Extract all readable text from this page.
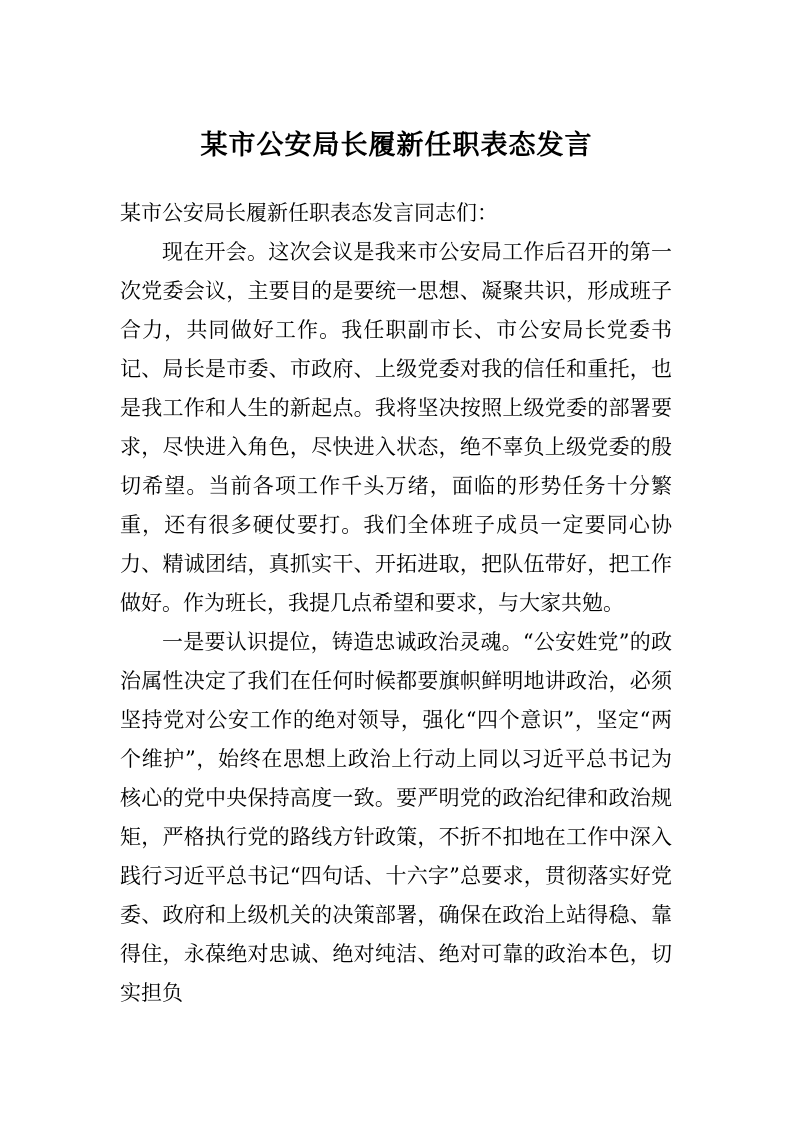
某市公安局长履新任职表态发言

某市公安局长履新任职表态发言同志们：

现在开会。这次会议是我来市公安局工作后召开的第一次党委会议，主要目的是要统一思想、凝聚共识，形成班子合力，共同做好工作。我任职副市长、市公安局长党委书记、局长是市委、市政府、上级党委对我的信任和重托，也是我工作和人生的新起点。我将坚决按照上级党委的部署要求，尽快进入角色，尽快进入状态，绝不辜负上级党委的殷切希望。当前各项工作千头万绪，面临的形势任务十分繁重，还有很多硬仗要打。我们全体班子成员一定要同心协力、精诚团结，真抓实干、开拓进取，把队伍带好，把工作做好。作为班长，我提几点希望和要求，与大家共勉。

一是要认识提位，铸造忠诚政治灵魂。“公安姓党”的政治属性决定了我们在任何时候都要旗帜鲜明地讲政治，必须坚持党对公安工作的绝对领导，强化“四个意识”，坚定“两个维护”，始终在思想上政治上行动上同以习近平总书记为核心的党中央保持高度一致。要严明党的政治纪律和政治规矩，严格执行党的路线方针政策，不折不扣地在工作中深入践行习近平总书记“四句话、十六字”总要求，贯彻落实好党委、政府和上级机关的决策部署，确保在政治上站得稳、靠得住，永葆绝对忠诚、绝对纯洁、绝对可靠的政治本色，切实担负
